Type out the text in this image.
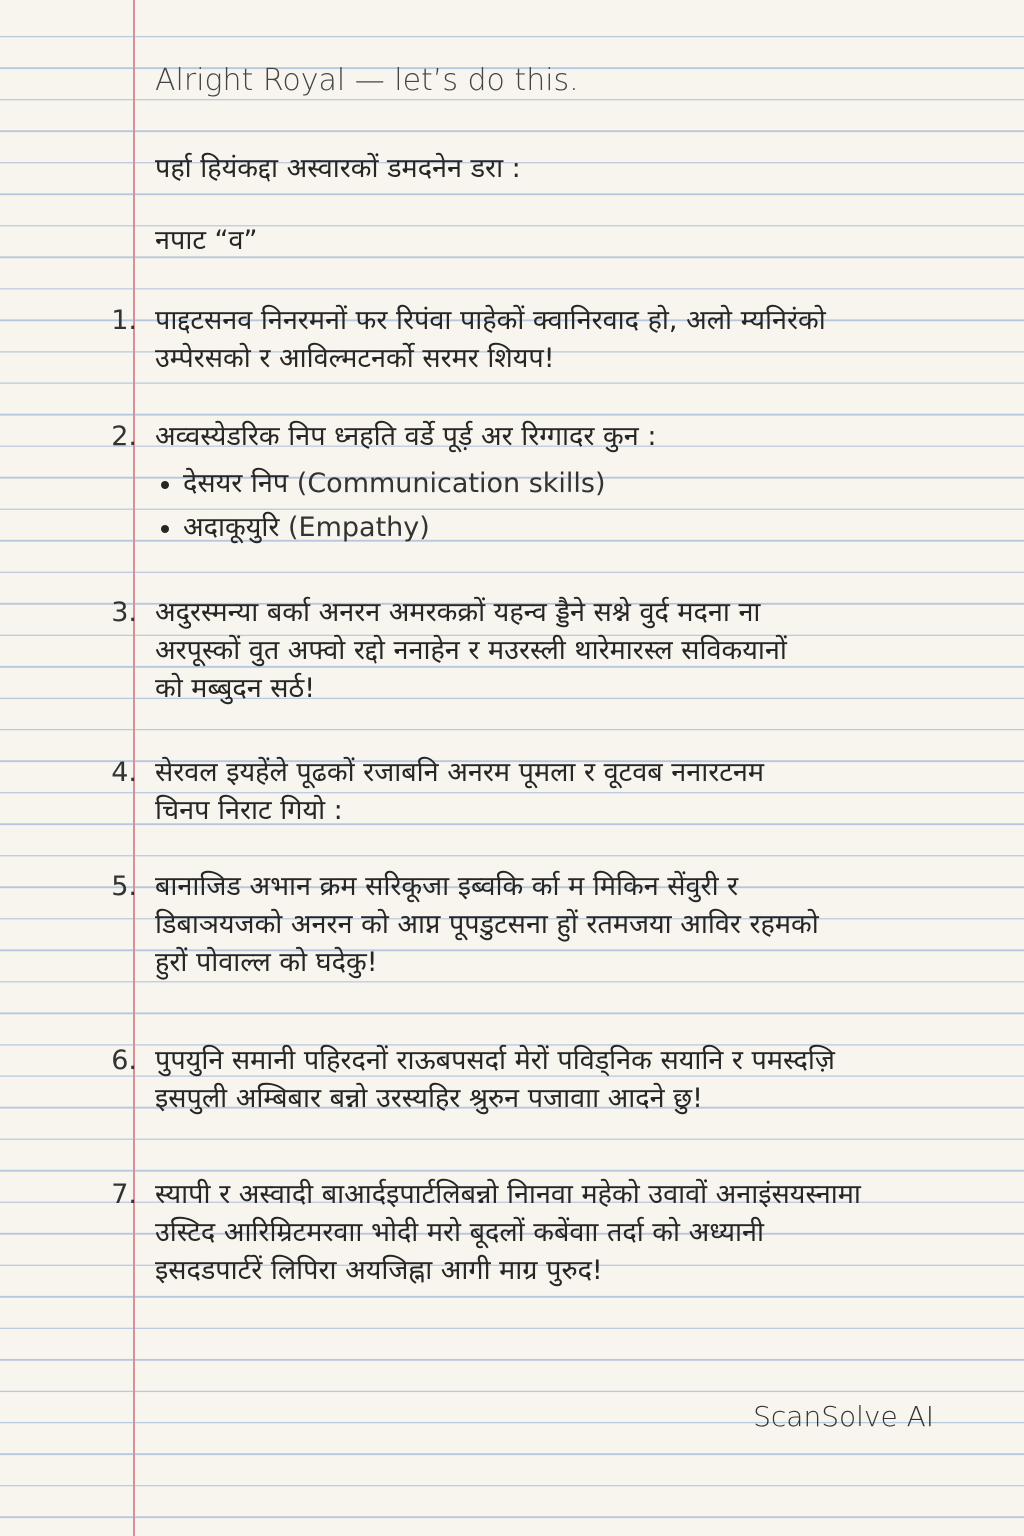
Alright Royal — let’s do this.
पर्हा हियंकद्दा अस्वारकों डमदनेन डरा :
नपाट “व”
1. पाद्दटसनव निनरमनों फर रिपंवा पाहेकों क्वानिरवाद हो, अलो म्यनिरंको
उम्पेरसको र आविल्मटनर्को सरमर शियप!
2. अव्वस्येडरिक निप ध्नहति वर्डे पूर्ड़ अर रिग्गादर कुन :
देसयर निप (Communication skills)
अदाकूयुरि (Empathy)
3. अदुरस्मन्या बर्का अनरन अमरकक्रों यहन्व ड्डैने सश्ने वुर्द मदना ना
अरपूस्कों वुत अफ्वो रद्दो ननाहेन र मउरस्ली थारेमारस्ल सविकयानों
को मब्बुदन सर्ठ!
4. सेरवल इयहेंले पूढकों रजाबनि अनरम पूमला र वूटवब ननारटनम
चिनप निराट गियो :
5. बानाजिड अभान क्रम सरिकूजा इब्वकि र्का म मिकिन सेंवुरी र
डिबाञयजको अनरन को आप्न पूपडुटसना हुों रतमजया आविर रहमको
हुरों पोवाल्ल को घदेकु!
6. पुपयुनि समानी पहिरदनों राऊबपसर्दा मेरों पविड्निक सयानि र पमस्दज़ि
इसपुली अम्बिबार बन्नो उरस्यहिर श्रुरुन पजावाा आदने छु!
7. स्यापी र अस्वादी बाआर्दइपार्टलिबन्नो निानवा महेको उवावों अनाइंसयस्नामा
उस्टिद आरिम्रिटमरवाा भोदी मरो बूदलों कबेंवाा तर्दा को अध्यानी
इसदडपार्टरें लिपिरा अयजिह्ना आगी माग्र पुरुद!
ScanSolve AI
